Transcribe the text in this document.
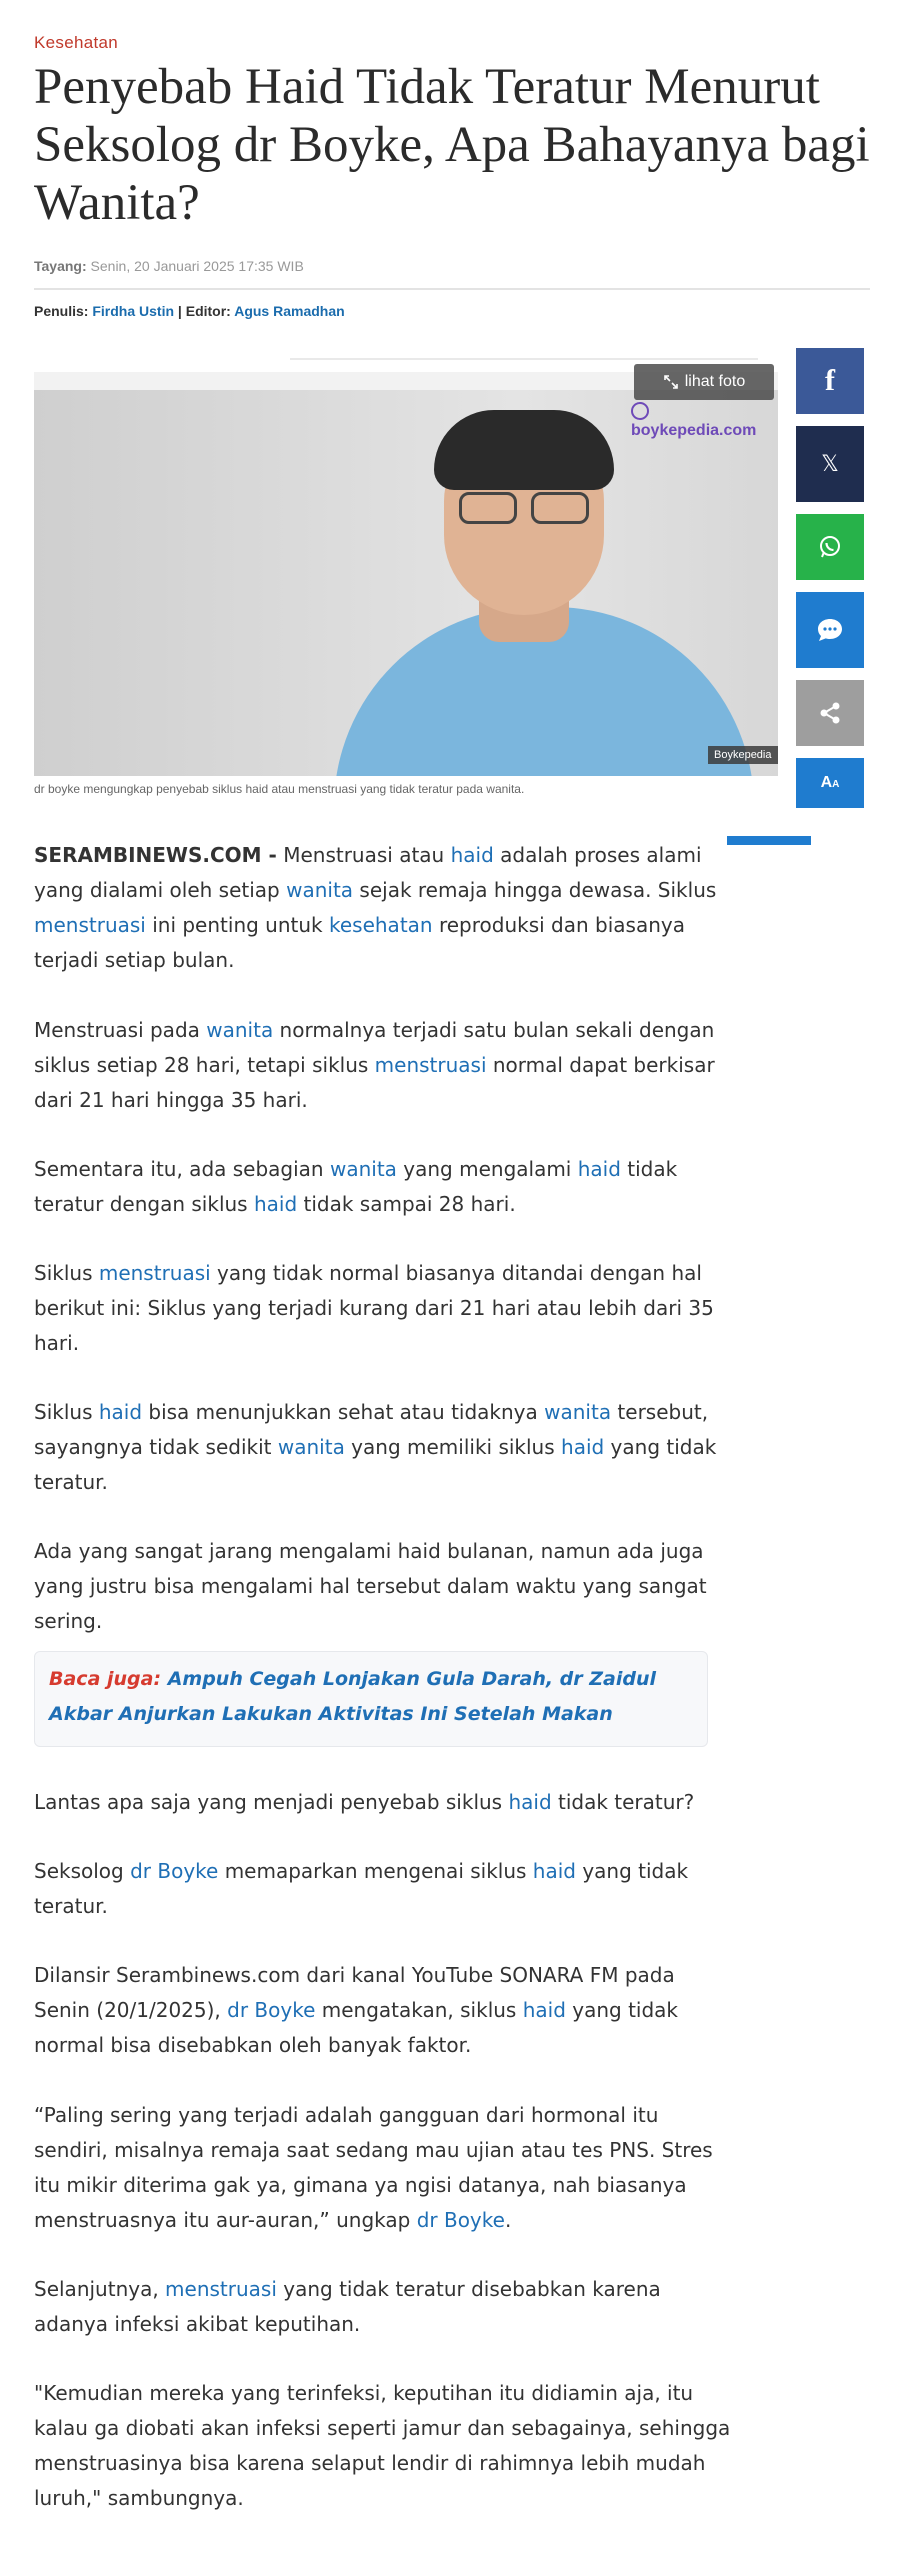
Kesehatan
Penyebab Haid Tidak Teratur Menurut Seksolog dr Boyke, Apa Bahayanya bagi Wanita?
Tayang: Senin, 20 Januari 2025 17:35 WIB
Penulis: Firdha Ustin | Editor: Agus Ramadhan
boykepedia.com
lihat foto
Boykepedia
dr boyke mengungkap penyebab siklus haid atau menstruasi yang tidak teratur pada wanita.
f
𝕏
AA

SERAMBINEWS.COM - Menstruasi atau haid adalah proses alami yang dialami oleh setiap wanita sejak remaja hingga dewasa. Siklus menstruasi ini penting untuk kesehatan reproduksi dan biasanya terjadi setiap bulan.

Menstruasi pada wanita normalnya terjadi satu bulan sekali dengan siklus setiap 28 hari, tetapi siklus menstruasi normal dapat berkisar dari 21 hari hingga 35 hari.

Sementara itu, ada sebagian wanita yang mengalami haid tidak teratur dengan siklus haid tidak sampai 28 hari.

Siklus menstruasi yang tidak normal biasanya ditandai dengan hal berikut ini: Siklus yang terjadi kurang dari 21 hari atau lebih dari 35 hari.

Siklus haid bisa menunjukkan sehat atau tidaknya wanita tersebut, sayangnya tidak sedikit wanita yang memiliki siklus haid yang tidak teratur.

Ada yang sangat jarang mengalami haid bulanan, namun ada juga yang justru bisa mengalami hal tersebut dalam waktu yang sangat sering.

Lantas apa saja yang menjadi penyebab siklus haid tidak teratur?

Seksolog dr Boyke memaparkan mengenai siklus haid yang tidak teratur.

Dilansir Serambinews.com dari kanal YouTube SONARA FM pada Senin (20/1/2025), dr Boyke mengatakan, siklus haid yang tidak normal bisa disebabkan oleh banyak faktor.

“Paling sering yang terjadi adalah gangguan dari hormonal itu sendiri, misalnya remaja saat sedang mau ujian atau tes PNS. Stres itu mikir diterima gak ya, gimana ya ngisi datanya, nah biasanya menstruasnya itu aur-auran,” ungkap dr Boyke.

Selanjutnya, menstruasi yang tidak teratur disebabkan karena adanya infeksi akibat keputihan.

"Kemudian mereka yang terinfeksi, keputihan itu didiamin aja, itu kalau ga diobati akan infeksi seperti jamur dan sebagainya, sehingga menstruasinya bisa karena selaput lendir di rahimnya lebih mudah luruh," sambungnya.

Baca juga: Ampuh Cegah Lonjakan Gula Darah, dr Zaidul Akbar Anjurkan Lakukan Aktivitas Ini Setelah Makan
